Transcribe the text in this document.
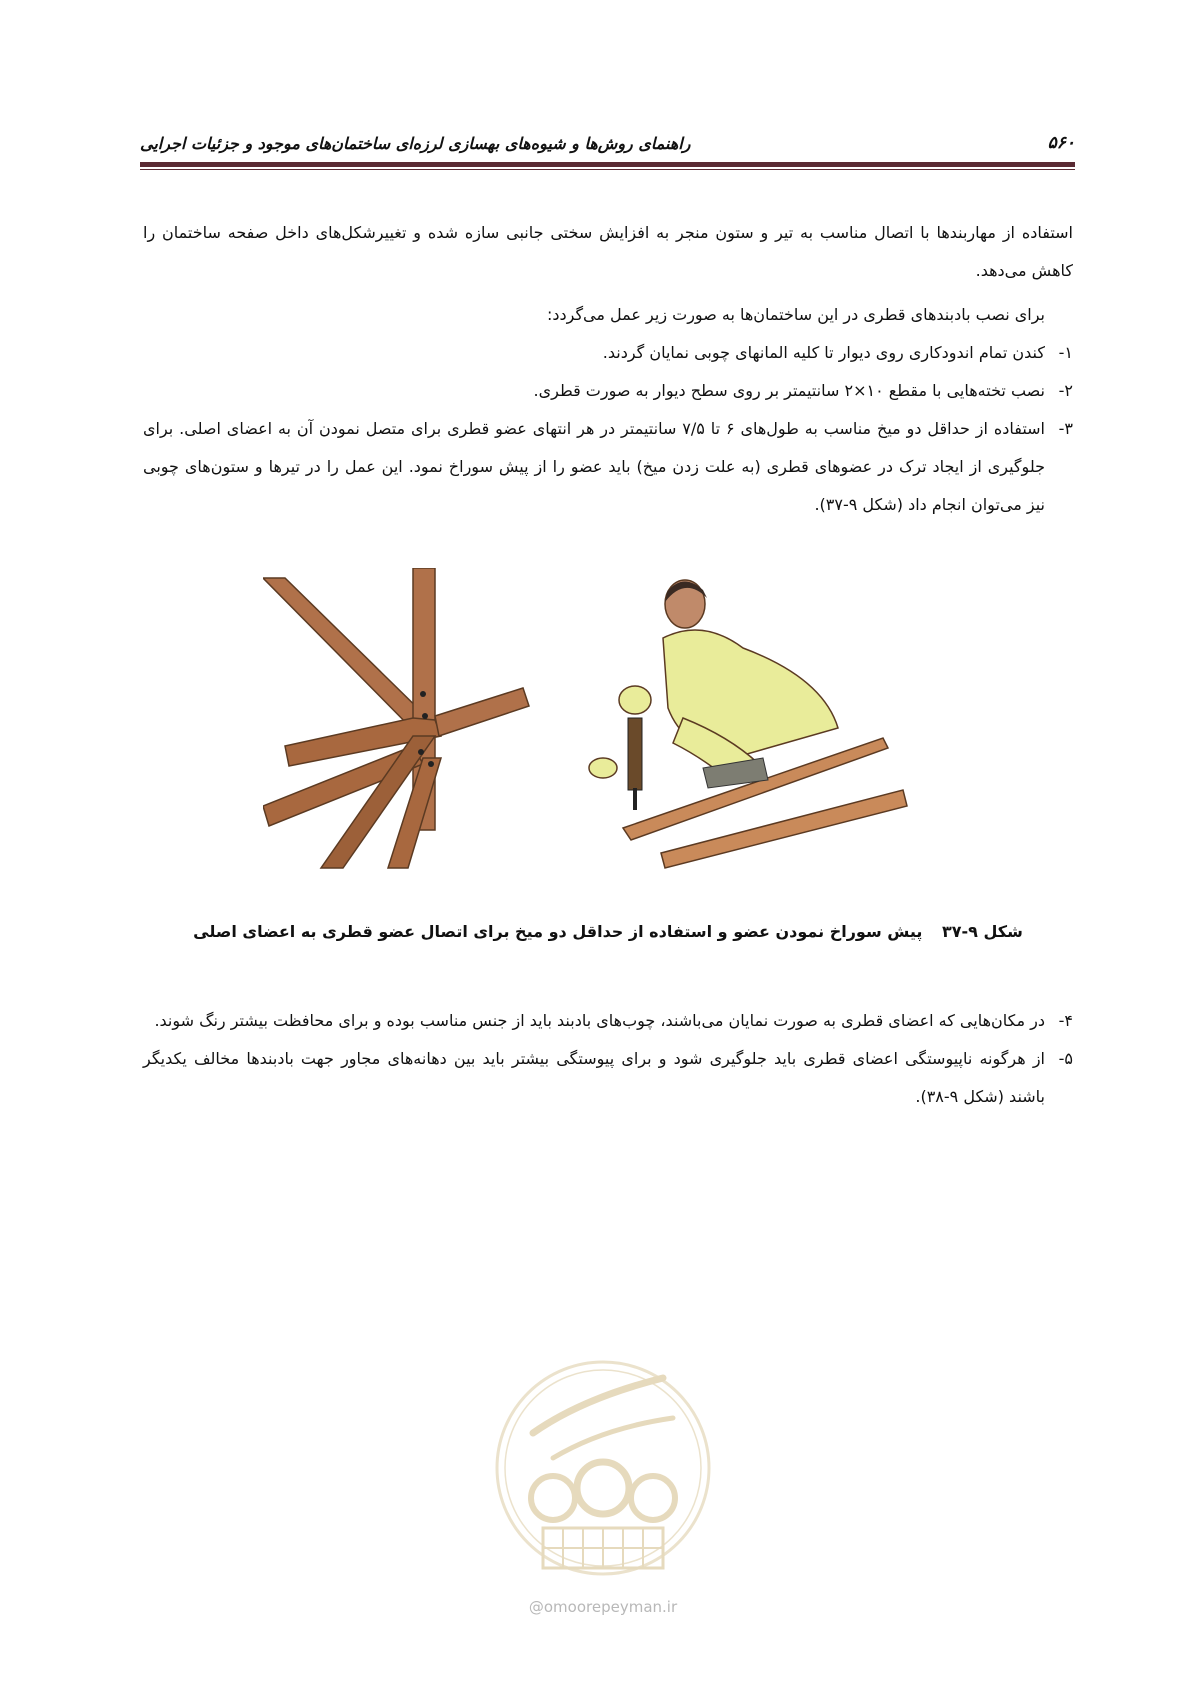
۵۶۰
راهنمای روش‌ها و شیوه‌های بهسازی لرزه‌ای ساختمان‌های موجود و جزئیات اجرایی
استفاده از مهاربندها با اتصال مناسب به تیر و ستون منجر به افزایش سختی جانبی سازه شده و تغییرشکل‌های داخل صفحه ساختمان را کاهش می‌دهد.
برای نصب بادبندهای قطری در این ساختمان‌ها به صورت زیر عمل می‌گردد:
۱-
کندن تمام اندودکاری روی دیوار تا کلیه المانهای چوبی نمایان گردند.
۲-
نصب تخته‌هایی با مقطع ۱۰×۲ سانتیمتر بر روی سطح دیوار به صورت قطری.
۳-
استفاده از حداقل دو میخ مناسب به طول‌های ۶ تا ۷/۵ سانتیمتر در هر انتهای عضو قطری برای متصل نمودن آن به اعضای اصلی. برای جلوگیری از ایجاد ترک در عضوهای قطری (به علت زدن میخ) باید عضو را از پیش سوراخ نمود. این عمل را در تیرها و ستون‌های چوبی نیز می‌توان انجام داد (شکل ۹-۳۷).
شکل ۹-۳۷ پیش سوراخ نمودن عضو و استفاده از حداقل دو میخ برای اتصال عضو قطری به اعضای اصلی
۴-
در مکان‌هایی که اعضای قطری به صورت نمایان می‌باشند، چوب‌های بادبند باید از جنس مناسب بوده و برای محافظت بیشتر رنگ شوند.
۵-
از هرگونه ناپیوستگی اعضای قطری باید جلوگیری شود و برای پیوستگی بیشتر باید بین دهانه‌های مجاور جهت بادبندها مخالف یکدیگر باشند (شکل ۹-۳۸).
@omoorepeyman.ir
